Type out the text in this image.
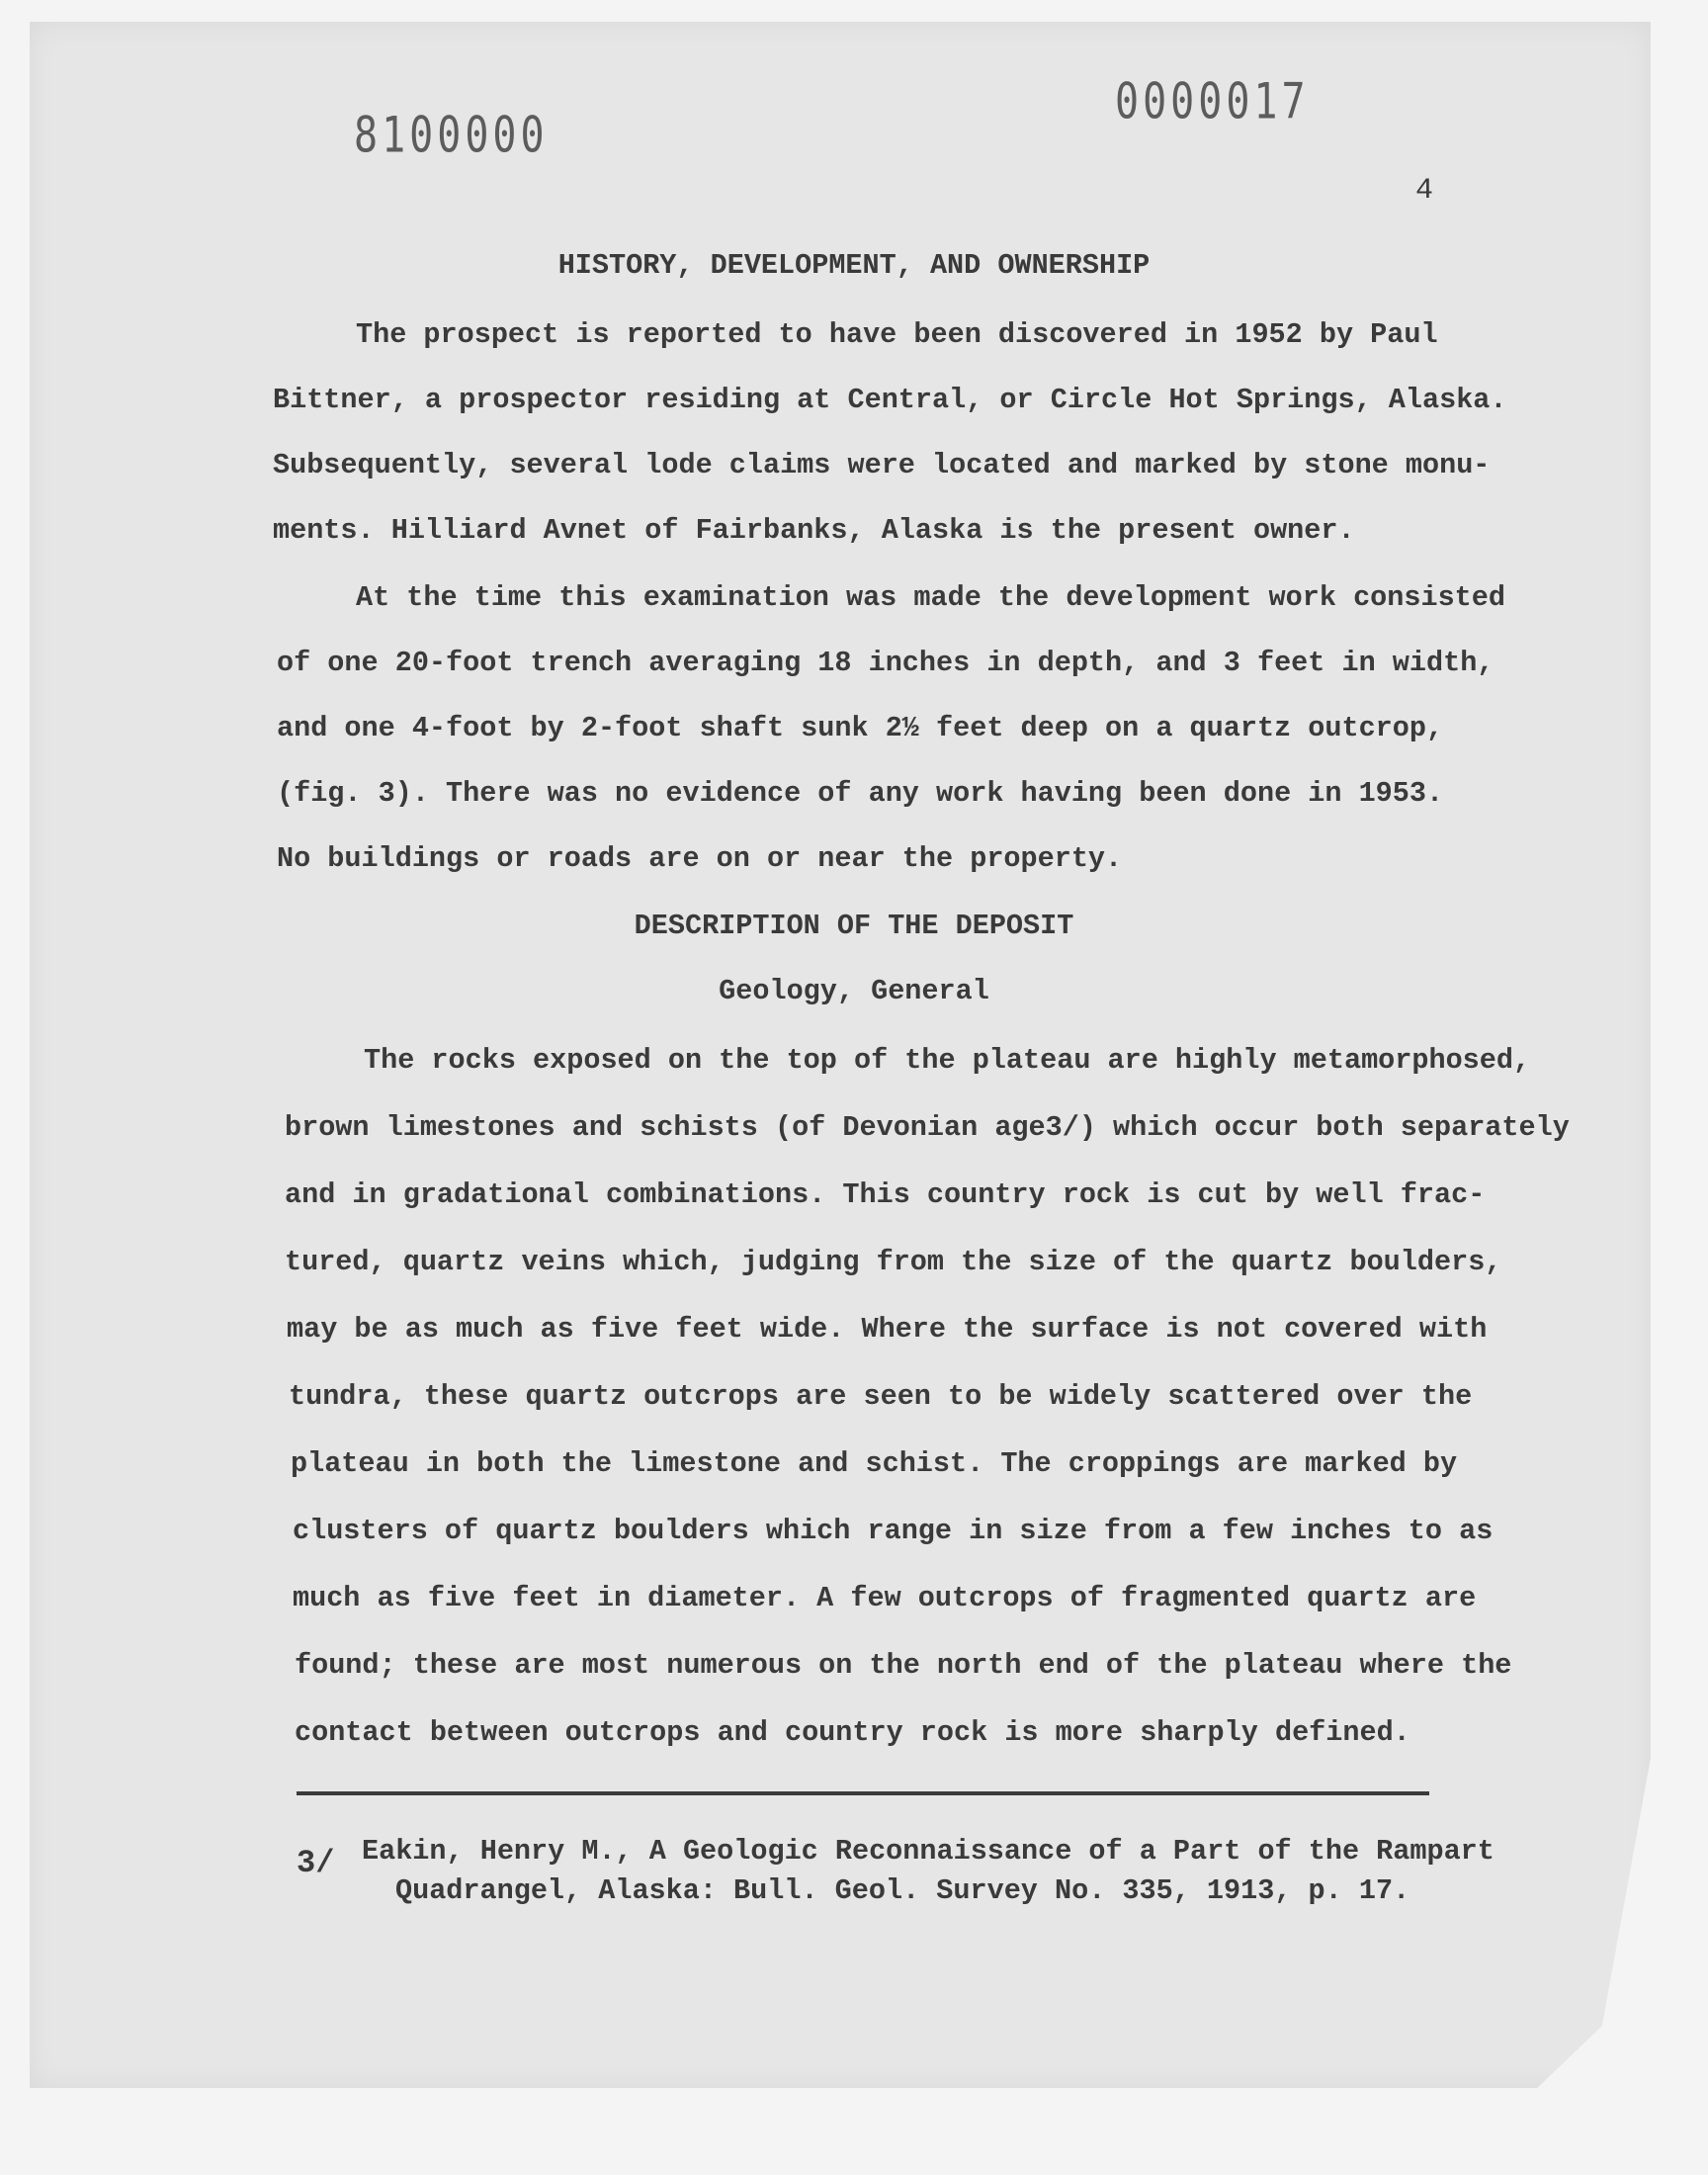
8100000
0000017
4
HISTORY, DEVELOPMENT, AND OWNERSHIP
The prospect is reported to have been discovered in 1952 by Paul
Bittner, a prospector residing at Central, or Circle Hot Springs, Alaska.
Subsequently, several lode claims were located and marked by stone monu-
ments. Hilliard Avnet of Fairbanks, Alaska is the present owner.
At the time this examination was made the development work consisted
of one 20-foot trench averaging 18 inches in depth, and 3 feet in width,
and one 4-foot by 2-foot shaft sunk 2½ feet deep on a quartz outcrop,
(fig. 3). There was no evidence of any work having been done in 1953.
No buildings or roads are on or near the property.
DESCRIPTION OF THE DEPOSIT
Geology, General
The rocks exposed on the top of the plateau are highly metamorphosed,
brown limestones and schists (of Devonian age3/) which occur both separately
and in gradational combinations. This country rock is cut by well frac-
tured, quartz veins which, judging from the size of the quartz boulders,
may be as much as five feet wide. Where the surface is not covered with
tundra, these quartz outcrops are seen to be widely scattered over the
plateau in both the limestone and schist. The croppings are marked by
clusters of quartz boulders which range in size from a few inches to as
much as five feet in diameter. A few outcrops of fragmented quartz are
found; these are most numerous on the north end of the plateau where the
contact between outcrops and country rock is more sharply defined.
3/ Eakin, Henry M., A Geologic Reconnaissance of a Part of the Rampart
Quadrangel, Alaska: Bull. Geol. Survey No. 335, 1913, p. 17.
